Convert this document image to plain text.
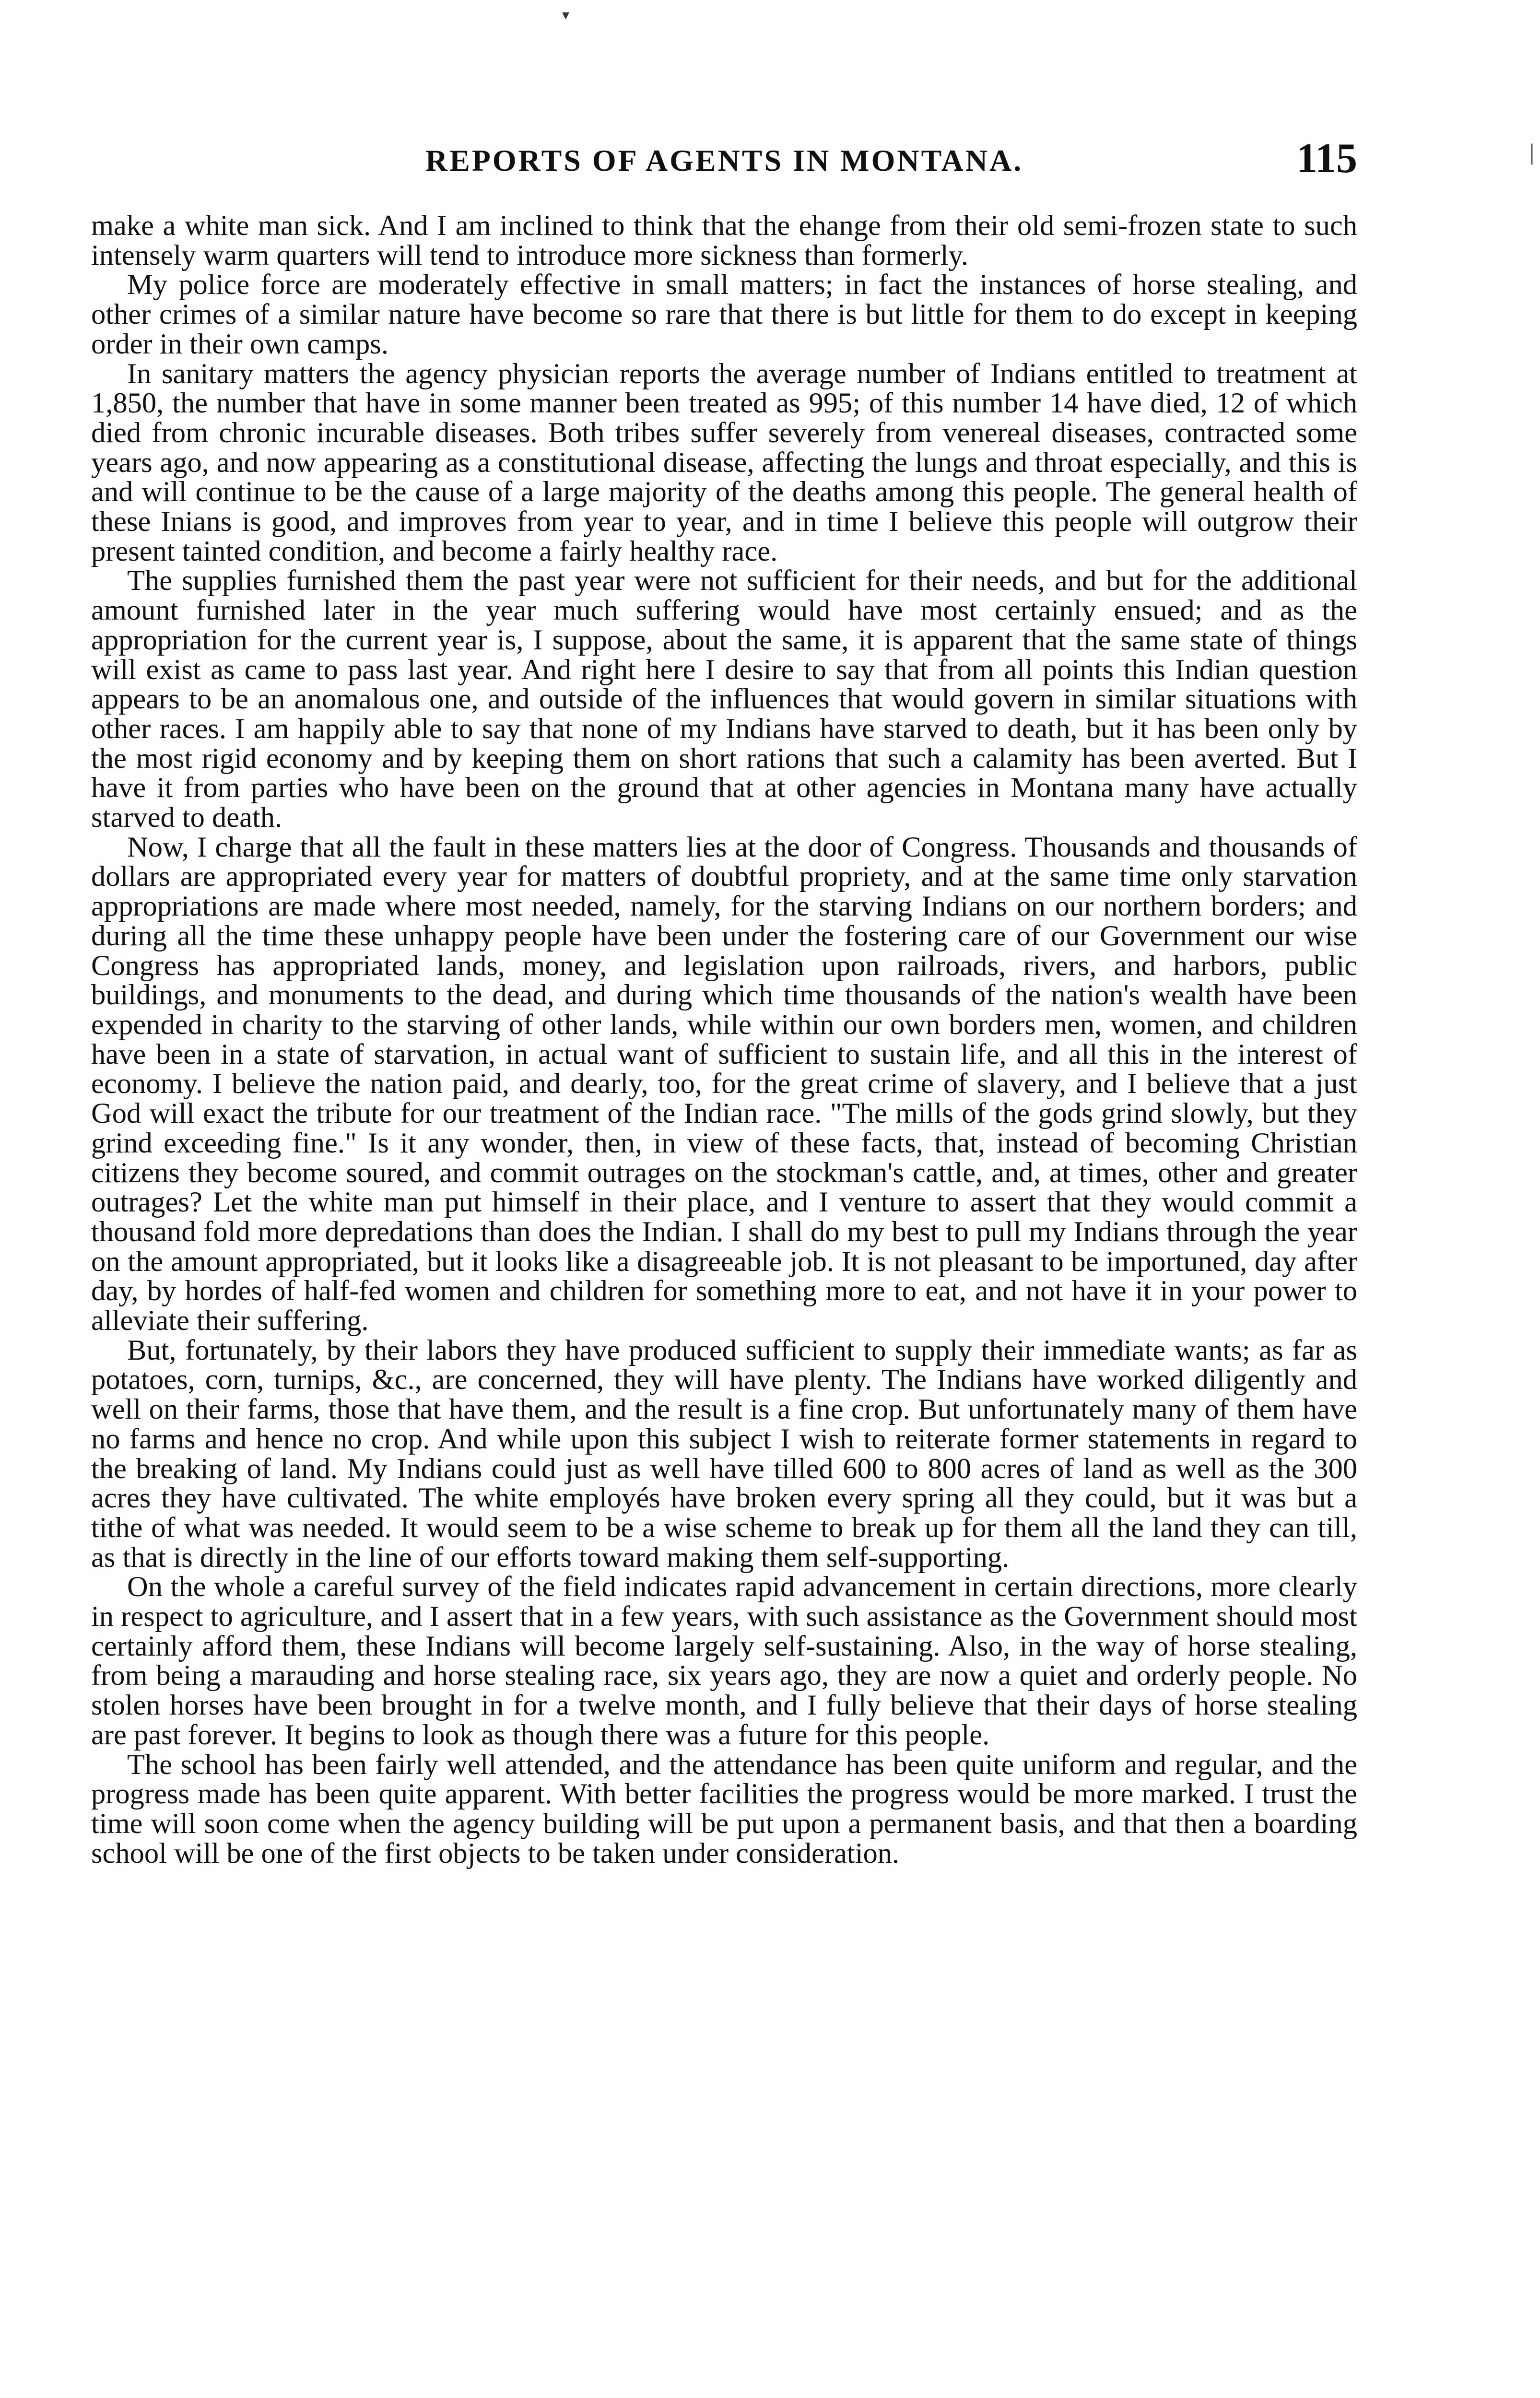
▾
|
REPORTS OF AGENTS IN MONTANA.	115

make a white man sick. And I am inclined to think that the ehange from their old semi-frozen state to such intensely warm quarters will tend to introduce more sickness than formerly.

My police force are moderately effective in small matters; in fact the instances of horse stealing, and other crimes of a similar nature have become so rare that there is but little for them to do except in keeping order in their own camps.

In sanitary matters the agency physician reports the average number of Indians entitled to treatment at 1,850, the number that have in some manner been treated as 995; of this number 14 have died, 12 of which died from chronic incurable diseases. Both tribes suffer severely from venereal diseases, contracted some years ago, and now appearing as a constitutional disease, affecting the lungs and throat especially, and this is and will continue to be the cause of a large majority of the deaths among this people. The general health of these Inians is good, and improves from year to year, and in time I believe this people will outgrow their present tainted condition, and become a fairly healthy race.

The supplies furnished them the past year were not sufficient for their needs, and but for the additional amount furnished later in the year much suffering would have most certainly ensued; and as the appropriation for the current year is, I suppose, about the same, it is apparent that the same state of things will exist as came to pass last year. And right here I desire to say that from all points this Indian question appears to be an anomalous one, and outside of the influences that would govern in similar situations with other races. I am happily able to say that none of my Indians have starved to death, but it has been only by the most rigid economy and by keeping them on short rations that such a calamity has been averted. But I have it from parties who have been on the ground that at other agencies in Montana many have actually starved to death.

Now, I charge that all the fault in these matters lies at the door of Congress. Thousands and thousands of dollars are appropriated every year for matters of doubtful propriety, and at the same time only starvation appropriations are made where most needed, namely, for the starving Indians on our northern borders; and during all the time these unhappy people have been under the fostering care of our Government our wise Congress has appropriated lands, money, and legislation upon railroads, rivers, and harbors, public buildings, and monuments to the dead, and during which time thousands of the nation's wealth have been expended in charity to the starving of other lands, while within our own borders men, women, and children have been in a state of starvation, in actual want of sufficient to sustain life, and all this in the interest of economy. I believe the nation paid, and dearly, too, for the great crime of slavery, and I believe that a just God will exact the tribute for our treatment of the Indian race. "The mills of the gods grind slowly, but they grind exceeding fine." Is it any wonder, then, in view of these facts, that, instead of becoming Christian citizens they become soured, and commit outrages on the stockman's cattle, and, at times, other and greater outrages? Let the white man put himself in their place, and I venture to assert that they would commit a thousand fold more depredations than does the Indian. I shall do my best to pull my Indians through the year on the amount appropriated, but it looks like a disagreeable job. It is not pleasant to be importuned, day after day, by hordes of half-fed women and children for something more to eat, and not have it in your power to alleviate their suffering.

But, fortunately, by their labors they have produced sufficient to supply their immediate wants; as far as potatoes, corn, turnips, &c., are concerned, they will have plenty. The Indians have worked diligently and well on their farms, those that have them, and the result is a fine crop. But unfortunately many of them have no farms and hence no crop. And while upon this subject I wish to reiterate former statements in regard to the breaking of land. My Indians could just as well have tilled 600 to 800 acres of land as well as the 300 acres they have cultivated. The white employés have broken every spring all they could, but it was but a tithe of what was needed. It would seem to be a wise scheme to break up for them all the land they can till, as that is directly in the line of our efforts toward making them self-supporting.

On the whole a careful survey of the field indicates rapid advancement in certain directions, more clearly in respect to agriculture, and I assert that in a few years, with such assistance as the Government should most certainly afford them, these Indians will become largely self-sustaining. Also, in the way of horse stealing, from being a marauding and horse stealing race, six years ago, they are now a quiet and orderly people. No stolen horses have been brought in for a twelve month, and I fully believe that their days of horse stealing are past forever. It begins to look as though there was a future for this people.

The school has been fairly well attended, and the attendance has been quite uniform and regular, and the progress made has been quite apparent. With better facilities the progress would be more marked. I trust the time will soon come when the agency building will be put upon a permanent basis, and that then a boarding school will be one of the first objects to be taken under consideration.
